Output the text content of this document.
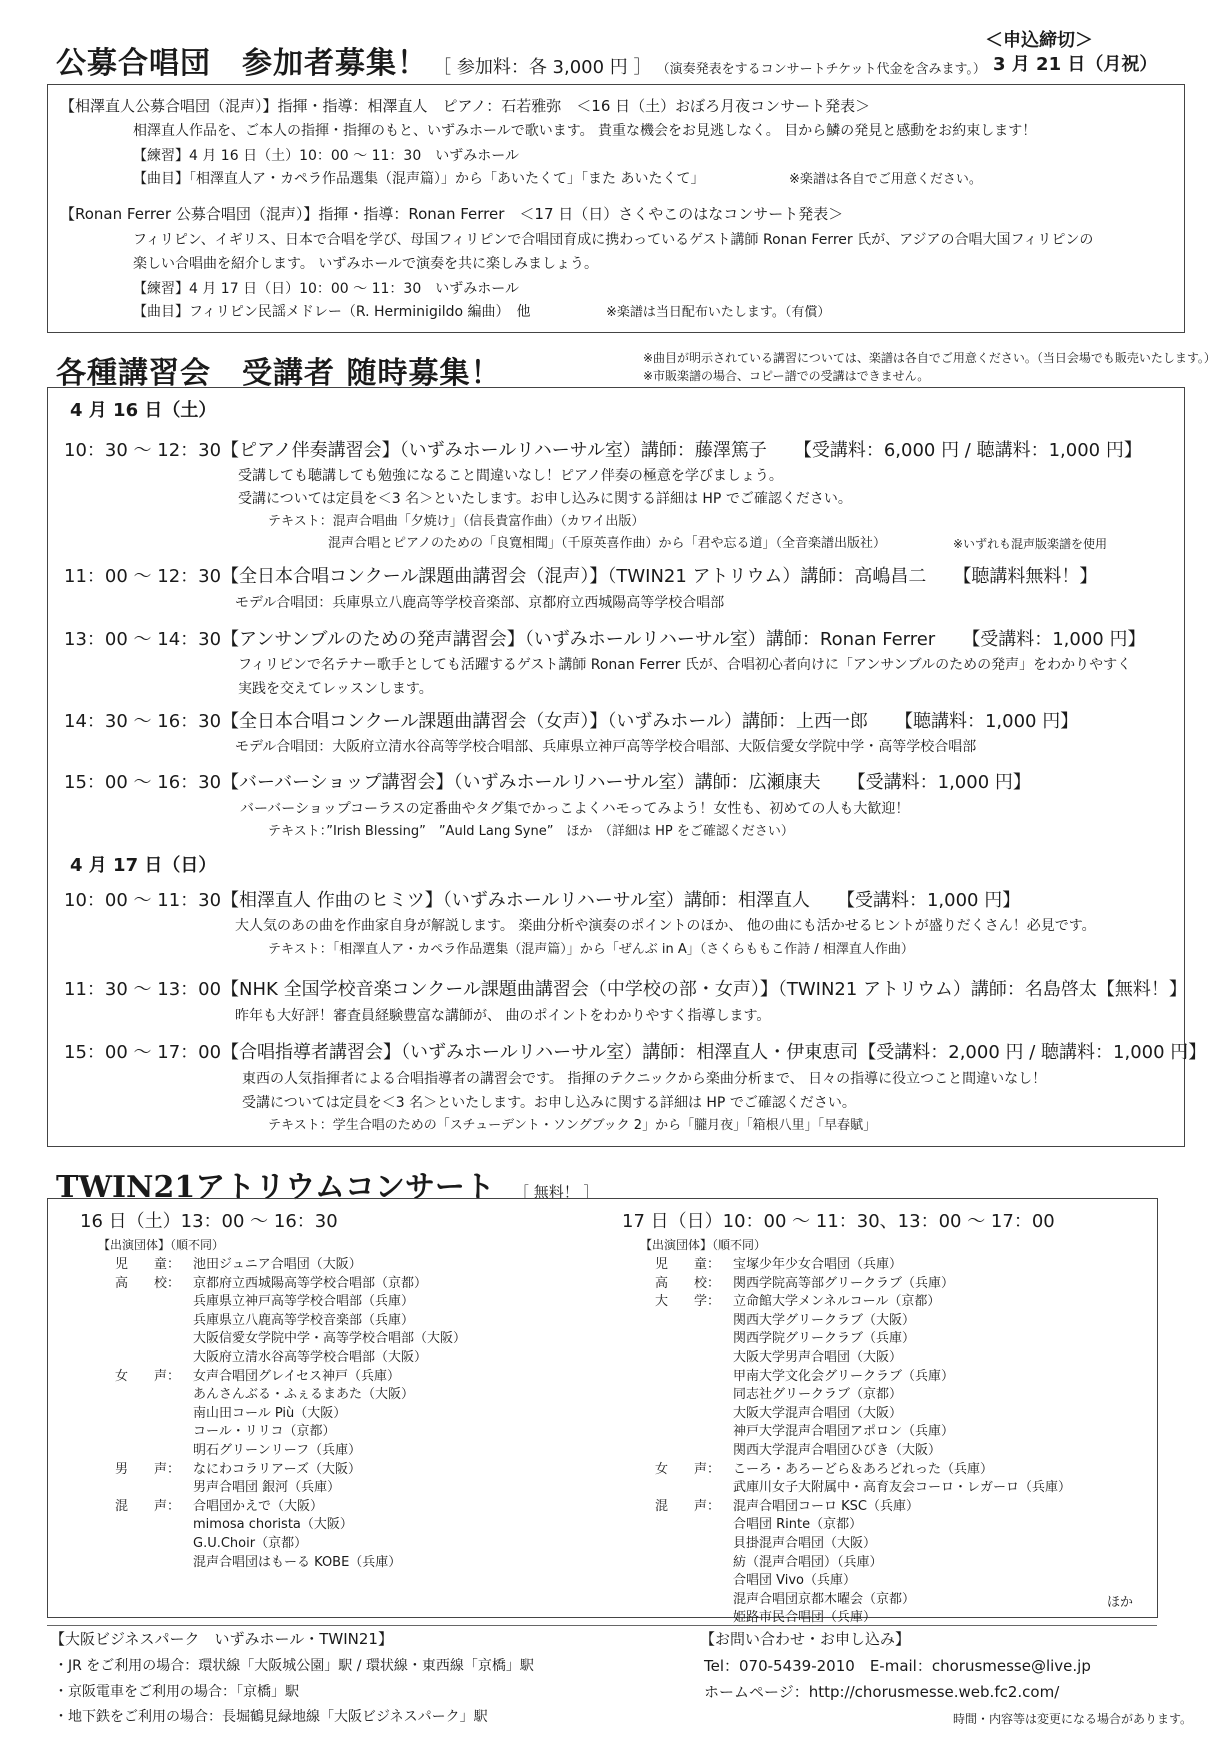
公募合唱団　参加者募集！ ［ 参加料：各 3,000 円 ］ （演奏発表をするコンサートチケット代金を含みます。）
＜申込締切＞
3 月 21 日（月祝）
【相澤直人公募合唱団（混声）】指揮・指導：相澤直人　ピアノ：石若雅弥　＜16 日（土）おぼろ月夜コンサート発表＞
相澤直人作品を、ご本人の指揮・指揮のもと、いずみホールで歌います。 貴重な機会をお見逃しなく。 目から鱗の発見と感動をお約束します！
【練習】4 月 16 日（土）10：00 ～ 11：30　いずみホール
【曲目】「相澤直人ア・カペラ作品選集（混声篇）」から「あいたくて」「また あいたくて」	※楽譜は各自でご用意ください。
【Ronan Ferrer 公募合唱団（混声）】指揮・指導：Ronan Ferrer　＜17 日（日）さくやこのはなコンサート発表＞
フィリピン、イギリス、日本で合唱を学び、母国フィリピンで合唱団育成に携わっているゲスト講師 Ronan Ferrer 氏が、アジアの合唱大国フィリピンの
楽しい合唱曲を紹介します。 いずみホールで演奏を共に楽しみましょう。
【練習】4 月 17 日（日）10：00 ～ 11：30　いずみホール
【曲目】フィリピン民謡メドレー（R. Herminigildo 編曲）　他	※楽譜は当日配布いたします。（有償）
各種講習会　受講者 随時募集！	※曲目が明示されている講習については、楽譜は各自でご用意ください。（当日会場でも販売いたします。）
※市販楽譜の場合、コピー譜での受講はできません。
4 月 16 日（土）
10：30 ～ 12：30【ピアノ伴奏講習会】（いずみホールリハーサル室）講師：藤澤篤子　　【受講料：6,000 円 / 聴講料：1,000 円】
受講しても聴講しても勉強になること間違いなし！ピアノ伴奏の極意を学びましょう。
受講については定員を＜3 名＞といたします。お申し込みに関する詳細は HP でご確認ください。
テキスト：混声合唱曲「夕焼け」（信長貴富作曲）（カワイ出版）
混声合唱とピアノのための「良寛相聞」（千原英喜作曲）から「君や忘る道」（全音楽譜出版社）	※いずれも混声版楽譜を使用
11：00 ～ 12：30【全日本合唱コンクール課題曲講習会（混声）】（TWIN21 アトリウム）講師：高嶋昌二　　【聴講料無料！】
モデル合唱団：兵庫県立八鹿高等学校音楽部、京都府立西城陽高等学校合唱部
13：00 ～ 14：30【アンサンブルのための発声講習会】（いずみホールリハーサル室）講師：Ronan Ferrer　　【受講料：1,000 円】
フィリピンで名テナー歌手としても活躍するゲスト講師 Ronan Ferrer 氏が、合唱初心者向けに「アンサンブルのための発声」をわかりやすく
実践を交えてレッスンします。
14：30 ～ 16：30【全日本合唱コンクール課題曲講習会（女声）】（いずみホール）講師：上西一郎　　【聴講料：1,000 円】
モデル合唱団：大阪府立清水谷高等学校合唱部、兵庫県立神戸高等学校合唱部、大阪信愛女学院中学・高等学校合唱部
15：00 ～ 16：30【バーバーショップ講習会】（いずみホールリハーサル室）講師：広瀬康夫　　【受講料：1,000 円】
バーバーショップコーラスの定番曲やタグ集でかっこよくハモってみよう！女性も、初めての人も大歓迎！
テキスト：”Irish Blessing”　”Auld Lang Syne”　ほか　（詳細は HP をご確認ください）
4 月 17 日（日）
10：00 ～ 11：30【相澤直人 作曲のヒミツ】（いずみホールリハーサル室）講師：相澤直人　　【受講料：1,000 円】
大人気のあの曲を作曲家自身が解説します。 楽曲分析や演奏のポイントのほか、 他の曲にも活かせるヒントが盛りだくさん！必見です。
テキスト：「相澤直人ア・カペラ作品選集（混声篇）」から「ぜんぶ in A」（さくらももこ作詩 / 相澤直人作曲）
11：30 ～ 13：00【NHK 全国学校音楽コンクール課題曲講習会（中学校の部・女声）】（TWIN21 アトリウム）講師：名島啓太【無料！】
昨年も大好評！審査員経験豊富な講師が、 曲のポイントをわかりやすく指導します。
15：00 ～ 17：00【合唱指導者講習会】（いずみホールリハーサル室）講師：相澤直人・伊東恵司【受講料：2,000 円 / 聴講料：1,000 円】
東西の人気指揮者による合唱指導者の講習会です。 指揮のテクニックから楽曲分析まで、 日々の指導に役立つこと間違いなし！
受講については定員を＜3 名＞といたします。お申し込みに関する詳細は HP でご確認ください。
テキスト：学生合唱のための「スチューデント・ソングブック 2」から「朧月夜」「箱根八里」「早春賦」
TWIN21アトリウムコンサート ［ 無料！ ］
16 日（土）13：00 ～ 16：30
【出演団体】（順不同）
児　　童： 池田ジュニア合唱団（大阪）
高　　校： 京都府立西城陽高等学校合唱部（京都）
兵庫県立神戸高等学校合唱部（兵庫）
兵庫県立八鹿高等学校音楽部（兵庫）
大阪信愛女学院中学・高等学校合唱部（大阪）
大阪府立清水谷高等学校合唱部（大阪）
女　　声： 女声合唱団グレイセス神戸（兵庫）
あんさんぶる・ふぇるまあた（大阪）
南山田コール Più（大阪）
コール・リリコ（京都）
明石グリーンリーフ（兵庫）
男　　声： なにわコラリアーズ（大阪）
男声合唱団 銀河（兵庫）
混　　声： 合唱団かえで（大阪）
mimosa chorista（大阪）
G.U.Choir（京都）
混声合唱団はもーる KOBE（兵庫）
17 日（日）10：00 ～ 11：30、13：00 ～ 17：00
【出演団体】（順不同）
児　　童： 宝塚少年少女合唱団（兵庫）
高　　校： 関西学院高等部グリークラブ（兵庫）
大　　学： 立命館大学メンネルコール（京都）
関西大学グリークラブ（大阪）
関西学院グリークラブ（兵庫）
大阪大学男声合唱団（大阪）
甲南大学文化会グリークラブ（兵庫）
同志社グリークラブ（京都）
大阪大学混声合唱団（大阪）
神戸大学混声合唱団アポロン（兵庫）
関西大学混声合唱団ひびき（大阪）
女　　声： こーろ・あろーどら＆あろどれった（兵庫）
武庫川女子大附属中・高育友会コーロ・レガーロ（兵庫）
混　　声： 混声合唱団コーロ KSC（兵庫）
合唱団 Rinte（京都）
貝掛混声合唱団（大阪）
紡（混声合唱団）（兵庫）
合唱団 Vivo（兵庫）
混声合唱団京都木曜会（京都）
姫路市民合唱団（兵庫）
ほか
【大阪ビジネスパーク　いずみホール・TWIN21】
・JR をご利用の場合：環状線「大阪城公園」駅 / 環状線・東西線「京橋」駅
・京阪電車をご利用の場合：「京橋」駅
・地下鉄をご利用の場合：長堀鶴見緑地線「大阪ビジネスパーク」駅
【お問い合わせ・お申し込み】
Tel：070-5439-2010　E-mail：chorusmesse@live.jp
ホームページ：http://chorusmesse.web.fc2.com/
時間・内容等は変更になる場合があります。
